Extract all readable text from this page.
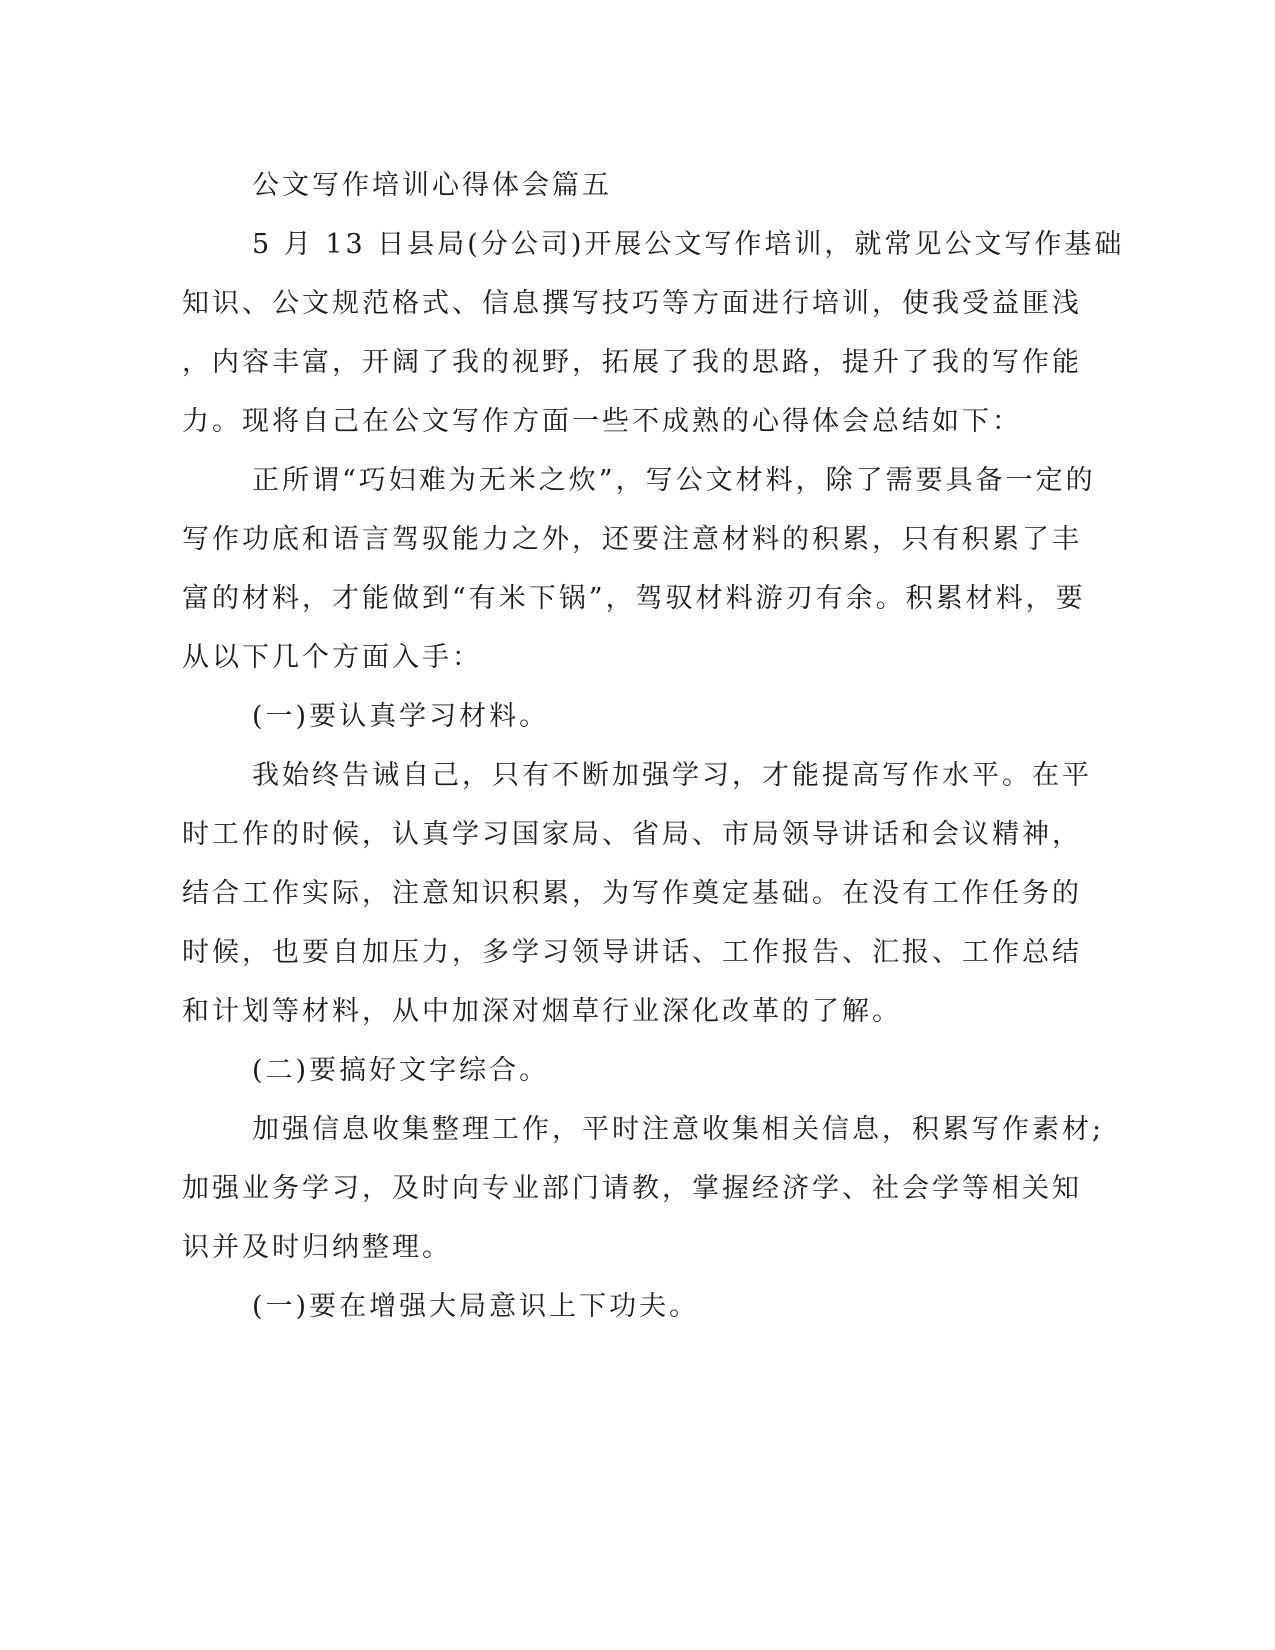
公文写作培训心得体会篇五
5 月 13 日县局(分公司)开展公文写作培训，就常见公文写作基础
知识、公文规范格式、信息撰写技巧等方面进行培训，使我受益匪浅
，内容丰富，开阔了我的视野，拓展了我的思路，提升了我的写作能
力。现将自己在公文写作方面一些不成熟的心得体会总结如下：
正所谓“巧妇难为无米之炊”，写公文材料，除了需要具备一定的
写作功底和语言驾驭能力之外，还要注意材料的积累，只有积累了丰
富的材料，才能做到“有米下锅”，驾驭材料游刃有余。积累材料，要
从以下几个方面入手：
(一)要认真学习材料。
我始终告诫自己，只有不断加强学习，才能提高写作水平。在平
时工作的时候，认真学习国家局、省局、市局领导讲话和会议精神，
结合工作实际，注意知识积累，为写作奠定基础。在没有工作任务的
时候，也要自加压力，多学习领导讲话、工作报告、汇报、工作总结
和计划等材料，从中加深对烟草行业深化改革的了解。
(二)要搞好文字综合。
加强信息收集整理工作，平时注意收集相关信息，积累写作素材;
加强业务学习，及时向专业部门请教，掌握经济学、社会学等相关知
识并及时归纳整理。
(一)要在增强大局意识上下功夫。
